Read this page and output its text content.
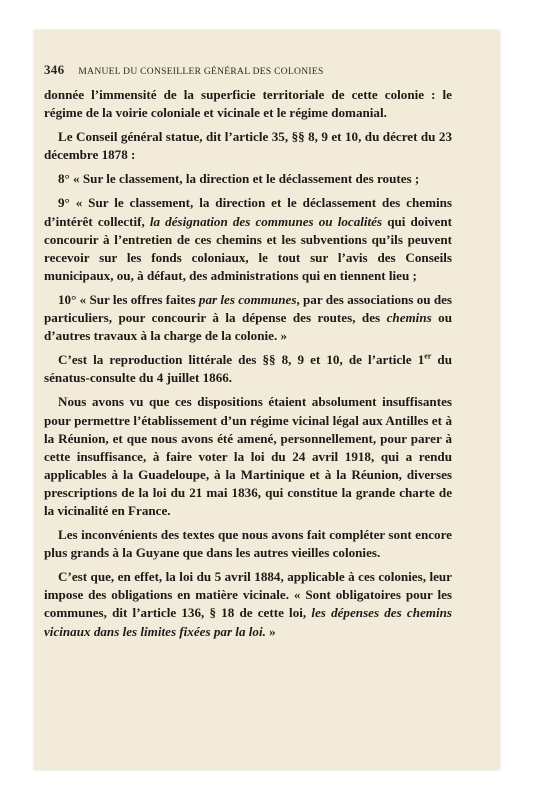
346 MANUEL DU CONSEILLER GÉNÉRAL DES COLONIES

donnée l’immensité de la superficie territoriale de cette colonie : le régime de la voirie coloniale et vicinale et le régime domanial.

Le Conseil général statue, dit l’article 35, §§ 8, 9 et 10, du décret du 23 décembre 1878 :

8° « Sur le classement, la direction et le déclassement des routes ;

9° « Sur le classement, la direction et le déclassement des chemins d’intérêt collectif, la désignation des communes ou localités qui doivent concourir à l’entretien de ces chemins et les subventions qu’ils peuvent recevoir sur les fonds coloniaux, le tout sur l’avis des Conseils municipaux, ou, à défaut, des administrations qui en tiennent lieu ;

10° « Sur les offres faites par les communes, par des associations ou des particuliers, pour concourir à la dépense des routes, des chemins ou d’autres travaux à la charge de la colonie. »

C’est la reproduction littérale des §§ 8, 9 et 10, de l’article 1er du sénatus-consulte du 4 juillet 1866.

Nous avons vu que ces dispositions étaient absolument insuffisantes pour permettre l’établissement d’un régime vicinal légal aux Antilles et à la Réunion, et que nous avons été amené, personnellement, pour parer à cette insuffisance, à faire voter la loi du 24 avril 1918, qui a rendu applicables à la Guadeloupe, à la Martinique et à la Réunion, diverses prescriptions de la loi du 21 mai 1836, qui constitue la grande charte de la vicinalité en France.

Les inconvénients des textes que nous avons fait compléter sont encore plus grands à la Guyane que dans les autres vieilles colonies.

C’est que, en effet, la loi du 5 avril 1884, applicable à ces colonies, leur impose des obligations en matière vicinale. « Sont obligatoires pour les communes, dit l’article 136, § 18 de cette loi, les dépenses des chemins vicinaux dans les limites fixées par la loi. »
